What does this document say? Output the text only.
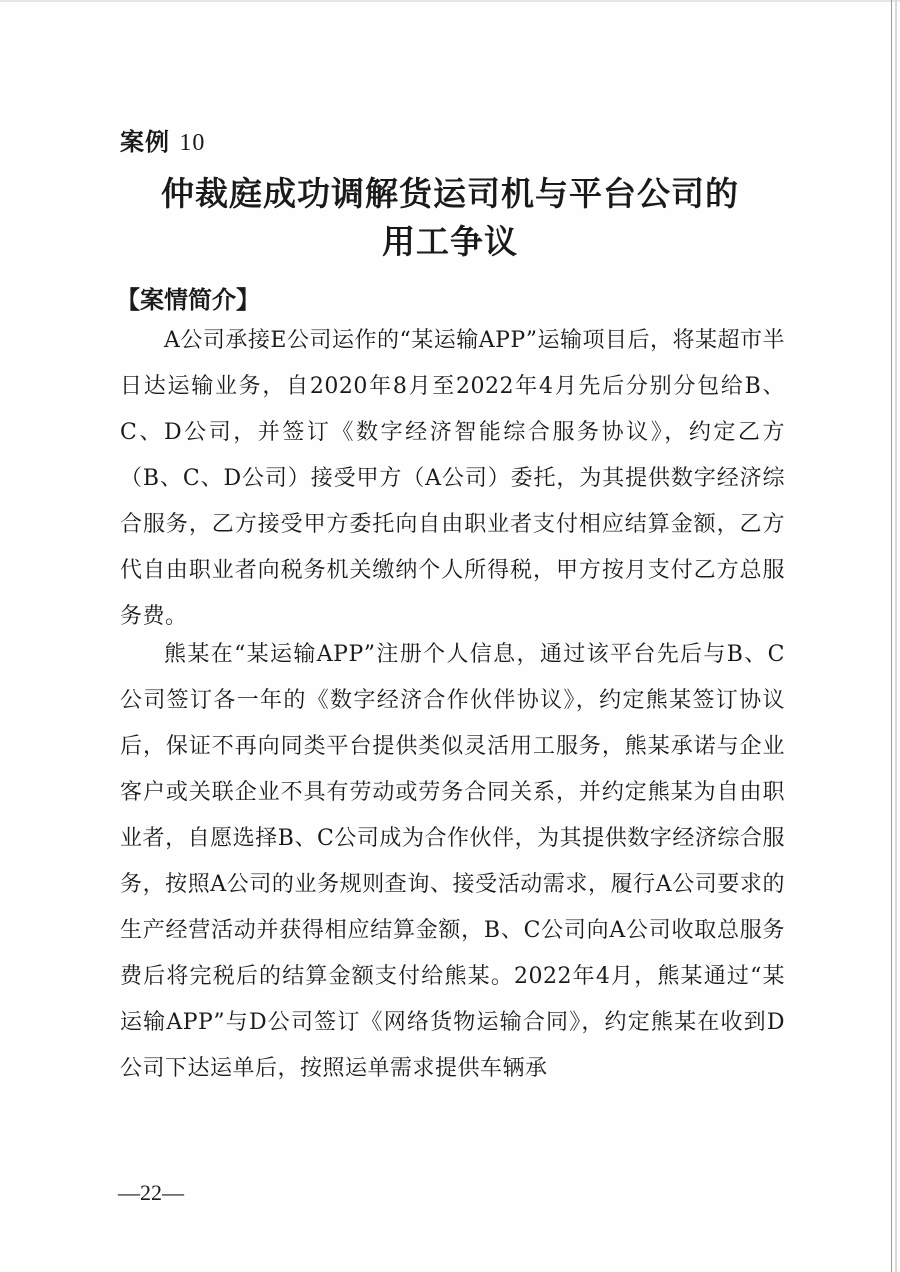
案例 10
仲裁庭成功调解货运司机与平台公司的
用工争议
【案情简介】
A公司承接E公司运作的“某运输APP”运输项目后，将某超市半日达运输业务，自2020年8月至2022年4月先后分别分包给B、C、D公司，并签订《数字经济智能综合服务协议》，约定乙方（B、C、D公司）接受甲方（A公司）委托，为其提供数字经济综合服务，乙方接受甲方委托向自由职业者支付相应结算金额，乙方代自由职业者向税务机关缴纳个人所得税，甲方按月支付乙方总服务费。
熊某在“某运输APP”注册个人信息，通过该平台先后与B、C公司签订各一年的《数字经济合作伙伴协议》，约定熊某签订协议后，保证不再向同类平台提供类似灵活用工服务，熊某承诺与企业客户或关联企业不具有劳动或劳务合同关系，并约定熊某为自由职业者，自愿选择B、C公司成为合作伙伴，为其提供数字经济综合服务，按照A公司的业务规则查询、接受活动需求，履行A公司要求的生产经营活动并获得相应结算金额，B、C公司向A公司收取总服务费后将完税后的结算金额支付给熊某。2022年4月，熊某通过“某运输APP”与D公司签订《网络货物运输合同》，约定熊某在收到D公司下达运单后，按照运单需求提供车辆承
—22—
